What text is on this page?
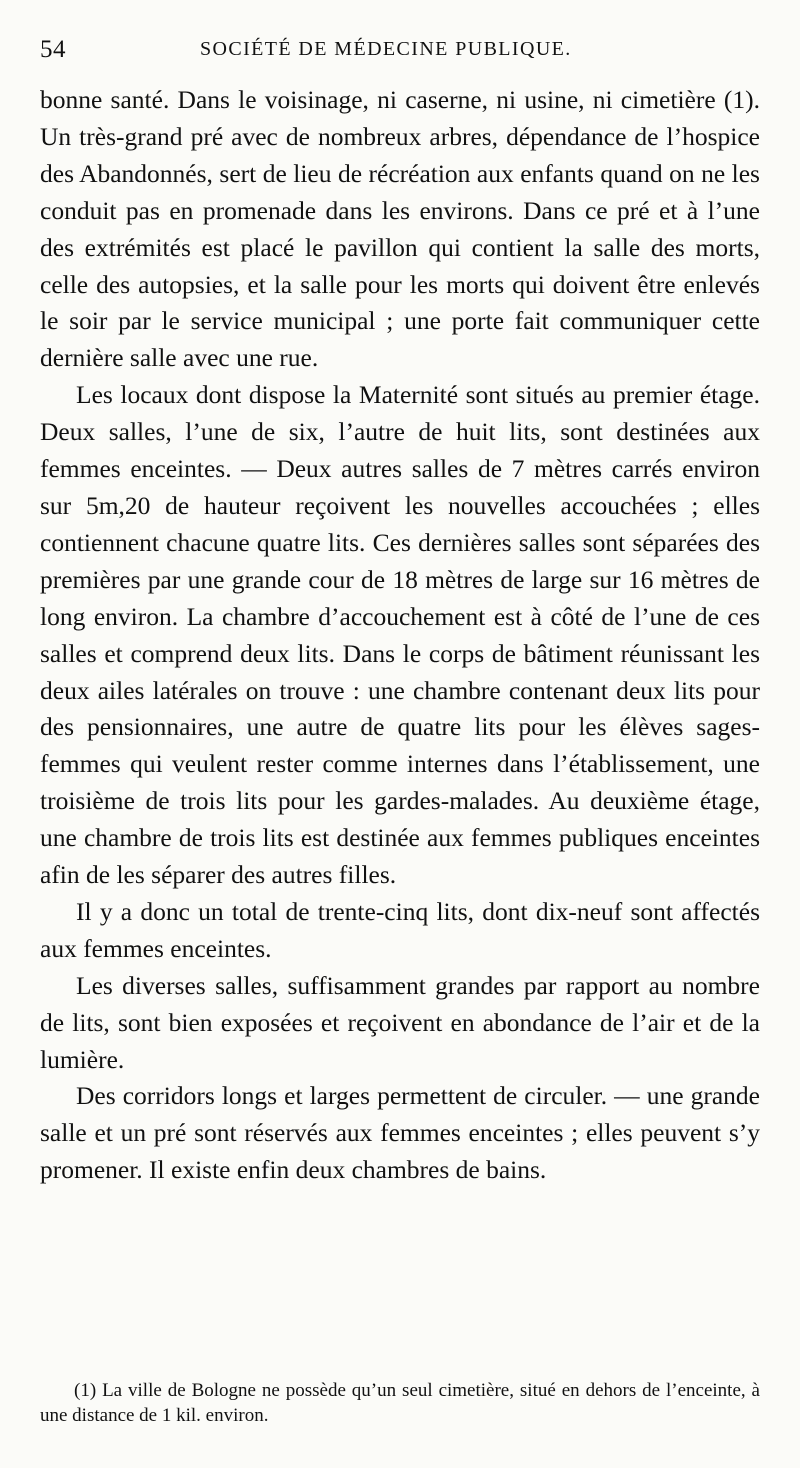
54	SOCIÉTÉ DE MÉDECINE PUBLIQUE.

bonne santé. Dans le voisinage, ni caserne, ni usine, ni cimetière (1). Un très-grand pré avec de nombreux arbres, dépendance de l’hospice des Abandonnés, sert de lieu de récréation aux enfants quand on ne les conduit pas en promenade dans les environs. Dans ce pré et à l’une des extrémités est placé le pavillon qui contient la salle des morts, celle des autopsies, et la salle pour les morts qui doivent être enlevés le soir par le service municipal ; une porte fait communiquer cette dernière salle avec une rue.

Les locaux dont dispose la Maternité sont situés au premier étage. Deux salles, l’une de six, l’autre de huit lits, sont destinées aux femmes enceintes. — Deux autres salles de 7 mètres carrés environ sur 5m,20 de hauteur reçoivent les nouvelles accouchées ; elles contiennent chacune quatre lits. Ces dernières salles sont séparées des premières par une grande cour de 18 mètres de large sur 16 mètres de long environ. La chambre d’accouchement est à côté de l’une de ces salles et comprend deux lits. Dans le corps de bâtiment réunissant les deux ailes latérales on trouve : une chambre contenant deux lits pour des pensionnaires, une autre de quatre lits pour les élèves sages-femmes qui veulent rester comme internes dans l’établissement, une troisième de trois lits pour les gardes-malades. Au deuxième étage, une chambre de trois lits est destinée aux femmes publiques enceintes afin de les séparer des autres filles.

Il y a donc un total de trente-cinq lits, dont dix-neuf sont affectés aux femmes enceintes.

Les diverses salles, suffisamment grandes par rapport au nombre de lits, sont bien exposées et reçoivent en abondance de l’air et de la lumière.

Des corridors longs et larges permettent de circuler. — une grande salle et un pré sont réservés aux femmes enceintes ; elles peuvent s’y promener. Il existe enfin deux chambres de bains.

(1) La ville de Bologne ne possède qu’un seul cimetière, situé en dehors de l’enceinte, à une distance de 1 kil. environ.
